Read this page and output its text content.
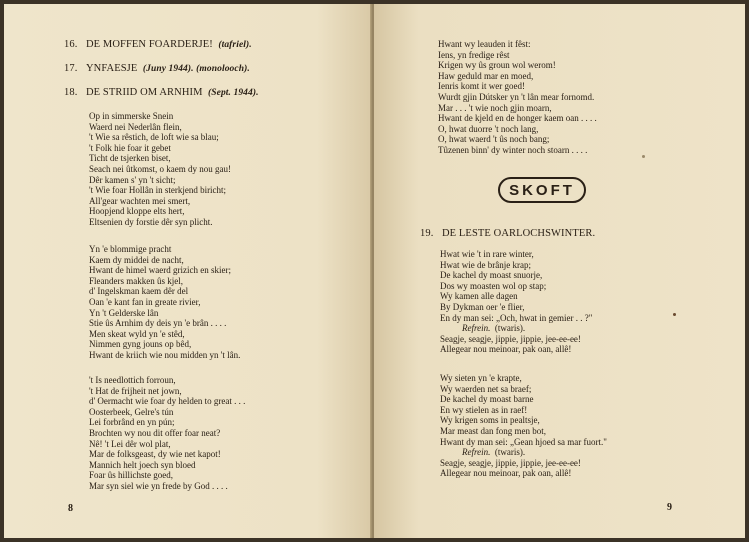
16. DE MOFFEN FOARDERJE! (tafriel).
17. YNFAESJE (Juny 1944). (monolooch).
18. DE STRIID OM ARNHIM (Sept. 1944).
Op in simmerske Snein
Waerd nei Nederlân flein,
't Wie sa rêstich, de loft wie sa blau;
't Folk hie foar it gebet
Ticht de tsjerken biset,
Seach nei ûtkomst, o kaem dy nou gau!
Dêr kamen s' yn 't sicht;
't Wie foar Hollân in sterkjend biricht;
All'gear wachten mei smert,
Hoopjend kloppe elts hert,
Eltsenien dy forstie dêr syn plicht.
Yn 'e blommige pracht
Kaem dy middei de nacht,
Hwant de himel waerd grizich en skier;
Fleanders makken ûs kjel,
d' Ingelskman kaem dêr del
Oan 'e kant fan in greate rivier,
Yn 't Gelderske lân
Stie ûs Arnhim dy deis yn 'e brân . . . .
Men skeat wyld yn 'e stêd,
Nimmen gyng jouns op bêd,
Hwant de kriich wie nou midden yn 't lân.
't Is needlottich forroun,
't Hat de frijheit net jown,
d' Oermacht wie foar dy helden to great . . .
Oosterbeek, Gelre's tún
Lei forbrând en yn pún;
Brochten wy nou dit offer foar neat?
Nê! 't Lei dêr wol plat,
Mar de folksgeast, dy wie net kapot!
Mannich helt joech syn bloed
Foar ûs hillichste goed,
Mar syn siel wie yn frede by God . . . .
8
Hwant wy leauden it fêst:
Iens, yn fredige rêst
Krigen wy ûs groun wol werom!
Haw geduld mar en moed,
Ienris komt it wer goed!
Wurdt gjin Dútsker yn 't lân mear fornomd.
Mar . . . 't wie noch gjin moarn,
Hwant de kjeld en de honger kaem oan . . . .
O, hwat duorre 't noch lang,
O, hwat waerd 't ûs noch bang;
Tûzenen binn' dy winter noch stoarn . . . .
SKOFT
19. DE LESTE OARLOCHSWINTER.
Hwat wie 't in rare winter,
Hwat wie de brânje krap;
De kachel dy moast snuorje,
Dos wy moasten wol op stap;
Wy kamen alle dagen
By Dykman oer 'e flier,
En dy man sei: „Och, hwat in gemier . . ?"
Refrein. (twaris).
Seagje, seagje, jippie, jippie, jee-ee-ee!
Allegear nou meinoar, pak oan, allê!
Wy sieten yn 'e krapte,
Wy waerden net sa braef;
De kachel dy moast barne
En wy stielen as in raef!
Wy krigen soms in pealtsje,
Mar meast dan fong men bot,
Hwant dy man sei: „Gean hjoed sa mar fuort."
Refrein. (twaris).
Seagje, seagje, jippie, jippie, jee-ee-ee!
Allegear nou meinoar, pak oan, allê!
9
